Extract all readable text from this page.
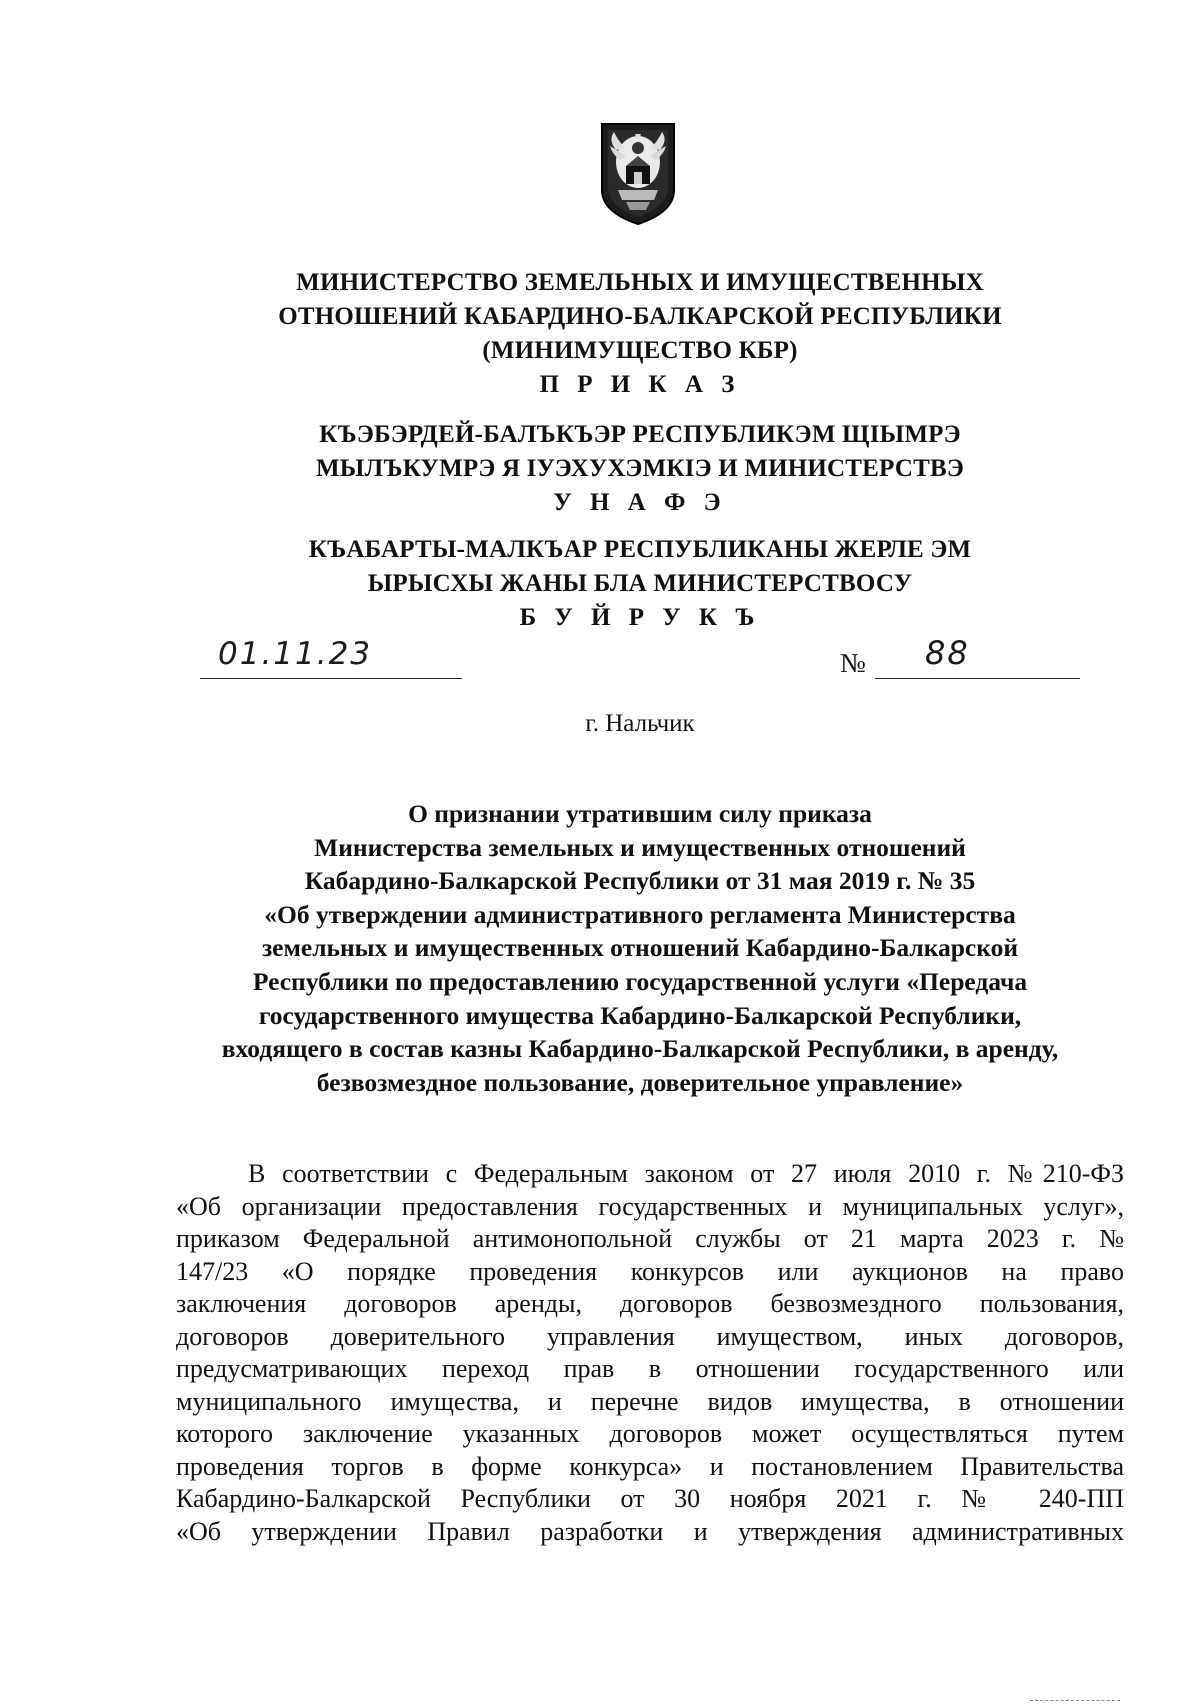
МИНИСТЕРСТВО ЗЕМЕЛЬНЫХ И ИМУЩЕСТВЕННЫХ
ОТНОШЕНИЙ КАБАРДИНО-БАЛКАРСКОЙ РЕСПУБЛИКИ
(МИНИМУЩЕСТВО КБР)
П Р И К А З
КЪЭБЭРДЕЙ-БАЛЪКЪЭР РЕСПУБЛИКЭМ ЩIЫМРЭ
МЫЛЪКУМРЭ Я IУЭХУХЭМКIЭ И МИНИСТЕРСТВЭ
У Н А Ф Э
КЪАБАРТЫ-МАЛКЪАР РЕСПУБЛИКАНЫ ЖЕРЛЕ ЭМ
ЫРЫСХЫ ЖАНЫ БЛА МИНИСТЕРСТВОСУ
Б У Й Р У К Ъ
01.11.23	№ 88
г. Нальчик
О признании утратившим силу приказа
Министерства земельных и имущественных отношений
Кабардино-Балкарской Республики от 31 мая 2019 г. № 35
«Об утверждении административного регламента Министерства
земельных и имущественных отношений Кабардино-Балкарской
Республики по предоставлению государственной услуги «Передача
государственного имущества Кабардино-Балкарской Республики,
входящего в состав казны Кабардино-Балкарской Республики, в аренду,
безвозмездное пользование, доверительное управление»
В соответствии с Федеральным законом от 27 июля 2010 г. №210-ФЗ
«Об организации предоставления государственных и муниципальных услуг»,
приказом Федеральной антимонопольной службы от 21 марта 2023 г. №
147/23 «О порядке проведения конкурсов или аукционов на право
заключения договоров аренды, договоров безвозмездного пользования,
договоров доверительного управления имуществом, иных договоров,
предусматривающих переход прав в отношении государственного или
муниципального имущества, и перечне видов имущества, в отношении
которого заключение указанных договоров может осуществляться путем
проведения торгов в форме конкурса» и постановлением Правительства
Кабардино-Балкарской Республики от 30 ноября 2021 г. № 240-ПП
«Об утверждении Правил разработки и утверждения административных
